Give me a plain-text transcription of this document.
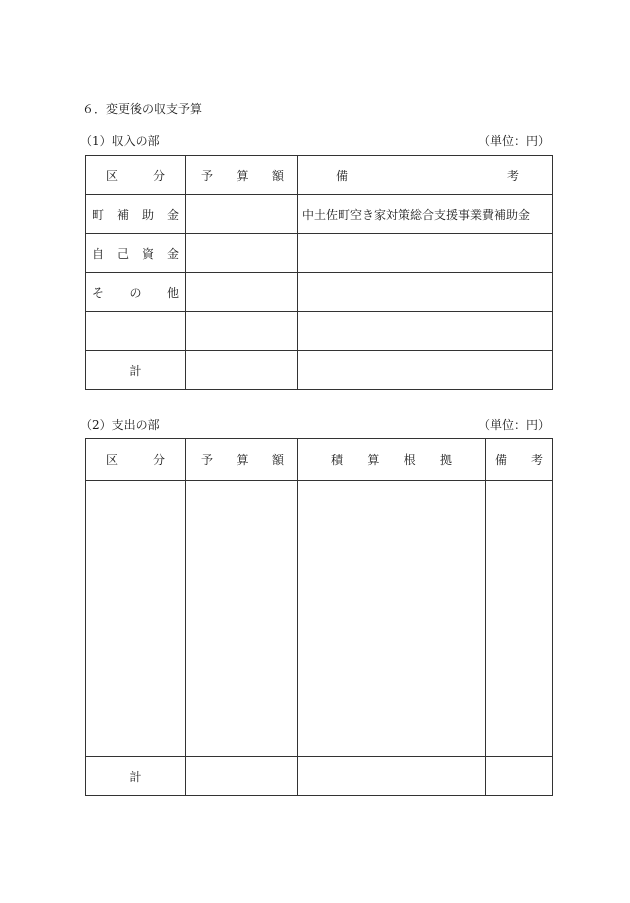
６．変更後の収支予算
（1）収入の部	（単位：円）
区 分	予 算 額	備 考

町 補 助 金		中土佐町空き家対策総合支援事業費補助金

自 己 資 金		

そ の 他		

計		
（2）支出の部	（単位：円）
区 分	予 算 額	積 算 根 拠	備 考

計			
